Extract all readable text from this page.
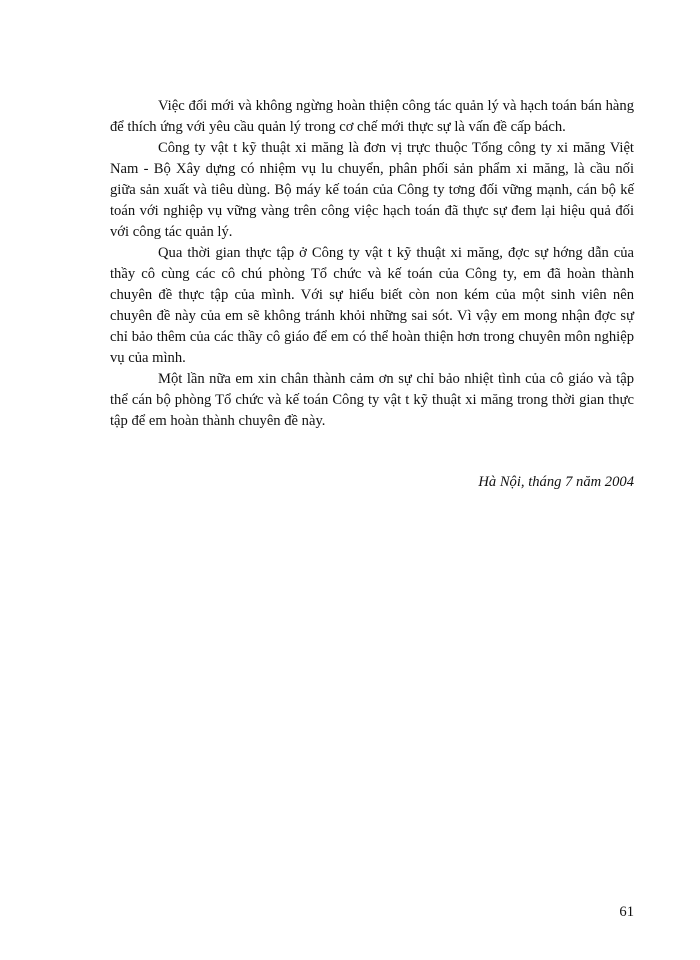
Việc đổi mới và không ngừng hoàn thiện công tác quản lý và hạch toán bán hàng để thích ứng với yêu cầu quản lý trong cơ chế mới thực sự là vấn đề cấp bách.

Công ty vật t kỹ thuật xi măng là đơn vị trực thuộc Tổng công ty xi măng Việt Nam - Bộ Xây dựng có nhiệm vụ lu chuyển, phân phối sản phẩm xi măng, là cầu nối giữa sản xuất và tiêu dùng. Bộ máy kế toán của Công ty tơng đối vững mạnh, cán bộ kế toán với nghiệp vụ vững vàng trên công việc hạch toán đã thực sự đem lại hiệu quả đối với công tác quản lý.

Qua thời gian thực tập ở Công ty vật t kỹ thuật xi măng, đợc sự hớng dẫn của thầy cô cùng các cô chú phòng Tổ chức và kế toán của Công ty, em đã hoàn thành chuyên đề thực tập của mình. Với sự hiểu biết còn non kém của một sinh viên nên chuyên đề này của em sẽ không tránh khỏi những sai sót. Vì vậy em mong nhận đợc sự chỉ bảo thêm của các thầy cô giáo để em có thể hoàn thiện hơn trong chuyên môn nghiệp vụ của mình.

Một lần nữa em xin chân thành cảm ơn sự chỉ bảo nhiệt tình của cô giáo và tập thể cán bộ phòng Tổ chức và kế toán Công ty vật t kỹ thuật xi măng trong thời gian thực tập để em hoàn thành chuyên đề này.

Hà Nội, tháng 7 năm 2004

61
